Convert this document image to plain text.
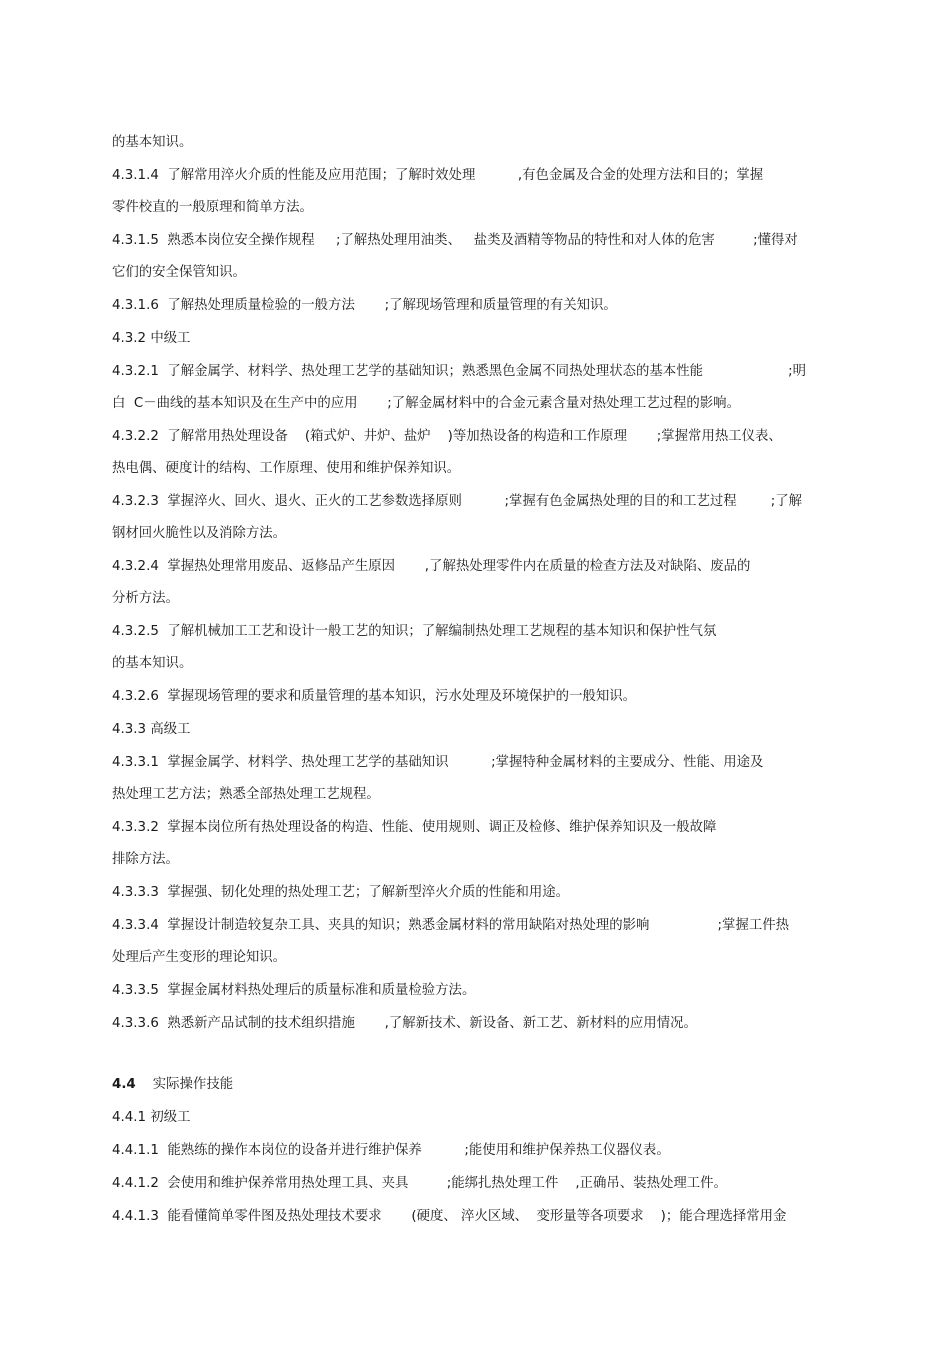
的基本知识。

4.3.1.4  了解常用淬火介质的性能及应用范围；了解时效处理          ,有色金属及合金的处理方法和目的；掌握

零件校直的一般原理和简单方法。

4.3.1.5  熟悉本岗位安全操作规程     ;了解热处理用油类、   盐类及酒精等物品的特性和对人体的危害         ;懂得对

它们的安全保管知识。

4.3.1.6  了解热处理质量检验的一般方法       ;了解现场管理和质量管理的有关知识。

4.3.2 中级工

4.3.2.1  了解金属学、材料学、热处理工艺学的基础知识；熟悉黑色金属不同热处理状态的基本性能                    ;明

白  C－曲线的基本知识及在生产中的应用       ;了解金属材料中的合金元素含量对热处理工艺过程的影响。

4.3.2.2  了解常用热处理设备    (箱式炉、井炉、盐炉    )等加热设备的构造和工作原理       ;掌握常用热工仪表、

热电偶、硬度计的结构、工作原理、使用和维护保养知识。

4.3.2.3  掌握淬火、回火、退火、正火的工艺参数选择原则          ;掌握有色金属热处理的目的和工艺过程        ;了解

钢材回火脆性以及消除方法。

4.3.2.4  掌握热处理常用废品、返修品产生原因       ,了解热处理零件内在质量的检查方法及对缺陷、废品的

分析方法。

4.3.2.5  了解机械加工工艺和设计一般工艺的知识；了解编制热处理工艺规程的基本知识和保护性气氛

的基本知识。

4.3.2.6  掌握现场管理的要求和质量管理的基本知识，污水处理及环境保护的一般知识。

4.3.3 高级工

4.3.3.1  掌握金属学、材料学、热处理工艺学的基础知识          ;掌握特种金属材料的主要成分、性能、用途及

热处理工艺方法；熟悉全部热处理工艺规程。

4.3.3.2  掌握本岗位所有热处理设备的构造、性能、使用规则、调正及检修、维护保养知识及一般故障

排除方法。

4.3.3.3  掌握强、韧化处理的热处理工艺；了解新型淬火介质的性能和用途。

4.3.3.4  掌握设计制造较复杂工具、夹具的知识；熟悉金属材料的常用缺陷对热处理的影响                ;掌握工件热

处理后产生变形的理论知识。

4.3.3.5  掌握金属材料热处理后的质量标准和质量检验方法。

4.3.3.6  熟悉新产品试制的技术组织措施       ,了解新技术、新设备、新工艺、新材料的应用情况。

4.4 实际操作技能

4.4.1 初级工

4.4.1.1  能熟练的操作本岗位的设备并进行维护保养          ;能使用和维护保养热工仪器仪表。

4.4.1.2  会使用和维护保养常用热处理工具、夹具         ;能绑扎热处理工件    ,正确吊、装热处理工件。

4.4.1.3  能看懂简单零件图及热处理技术要求       (硬度、 淬火区域、  变形量等各项要求    )；能合理选择常用金
